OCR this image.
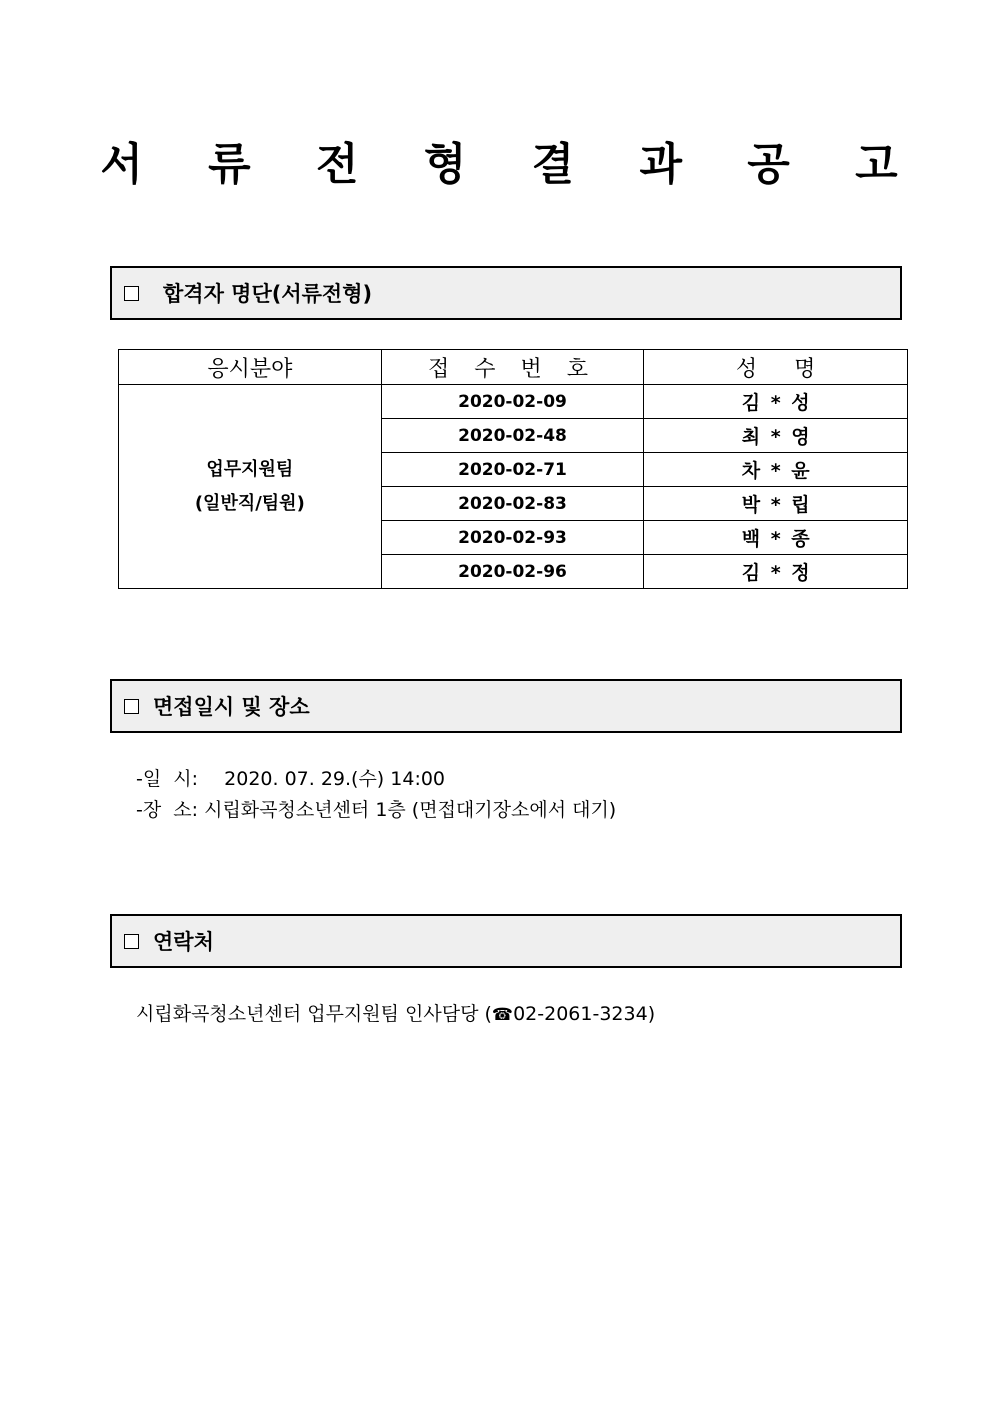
서 류 전 형 결 과 공 고
합격자 명단(서류전형)
응시분야	접 수 번 호	성 명

업무지원팀
(일반직/팀원)	2020-02-09	김 * 성
	2020-02-48	최 * 영
	2020-02-71	차 * 윤
	2020-02-83	박 * 립
	2020-02-93	백 * 종
	2020-02-96	김 * 정
면접일시 및 장소
-일  시: 2020. 07. 29.(수) 14:00
-장  소: 시립화곡청소년센터 1층 (면접대기장소에서 대기)
연락처
시립화곡청소년센터 업무지원팀 인사담당 (☎02-2061-3234)
